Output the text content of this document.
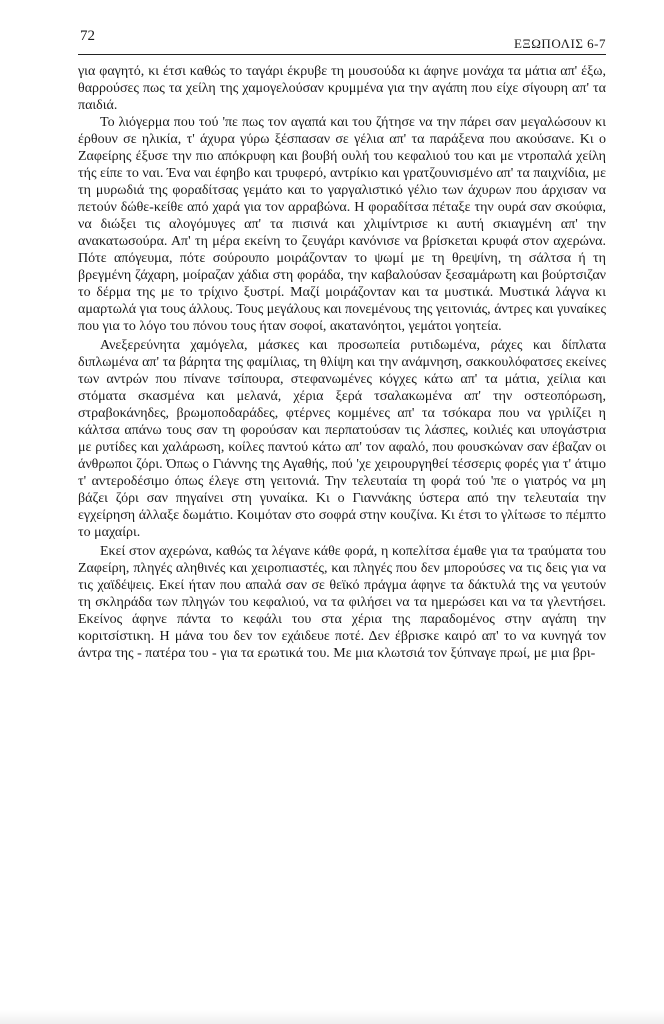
72	ΕΞΩΠΟΛΙΣ 6-7

για φαγητό, κι έτσι καθώς το ταγάρι έκρυβε τη μουσούδα κι άφηνε μονάχα τα μάτια απ' έξω, θαρρούσες πως τα χείλη της χαμογελούσαν κρυμμένα για την αγάπη που είχε σίγουρη απ' τα παιδιά.

Το λιόγερμα που τού 'πε πως τον αγαπά και του ζήτησε να την πάρει σαν μεγαλώσουν κι έρθουν σε ηλικία, τ' άχυρα γύρω ξέσπασαν σε γέλια απ' τα παράξενα που ακούσανε. Κι ο Ζαφείρης έξυσε την πιο απόκρυφη και βουβή ουλή του κεφαλιού του και με ντροπαλά χείλη τής είπε το ναι. Ένα ναι έφηβο και τρυφερό, αντρίκιο και γρατζουνισμένο απ' τα παιχνίδια, με τη μυρωδιά της φοραδίτσας γεμάτο και το γαργαλιστικό γέλιο των άχυρων που άρχισαν να πετούν δώθε-κείθε από χαρά για τον αρραβώνα. Η φοραδίτσα πέταξε την ουρά σαν σκούφια, να διώξει τις αλογόμυγες απ' τα πισινά και χλιμίντρισε κι αυτή σκιαγμένη απ' την ανακατωσούρα. Απ' τη μέρα εκείνη το ζευγάρι κανόνισε να βρίσκεται κρυφά στον αχερώνα. Πότε απόγευμα, πότε σούρουπο μοιράζονταν το ψωμί με τη θρεψίνη, τη σάλτσα ή τη βρεγμένη ζάχαρη, μοίραζαν χάδια στη φοράδα, την καβαλούσαν ξεσαμάρωτη και βούρτσιζαν το δέρμα της με το τρίχινο ξυστρί. Μαζί μοιράζονταν και τα μυστικά. Μυστικά λάγνα κι αμαρτωλά για τους άλλους. Τους μεγάλους και πονεμένους της γειτονιάς, άντρες και γυναίκες που για το λόγο του πόνου τους ήταν σοφοί, ακατανόητοι, γεμάτοι γοητεία.

Ανεξερεύνητα χαμόγελα, μάσκες και προσωπεία ρυτιδωμένα, ράχες και δίπλατα διπλωμένα απ' τα βάρητα της φαμίλιας, τη θλίψη και την ανάμνηση, σακκουλόφατσες εκείνες των αντρών που πίνανε τσίπουρα, στεφανωμένες κόγχες κάτω απ' τα μάτια, χείλια και στόματα σκασμένα και μελανά, χέρια ξερά τσαλακωμένα απ' την οστεοπόρωση, στραβοκάνηδες, βρωμοποδαράδες, φτέρνες κομμένες απ' τα τσόκαρα που να γριλίζει η κάλτσα απάνω τους σαν τη φορούσαν και περπατούσαν τις λάσπες, κοιλιές και υπογάστρια με ρυτίδες και χαλάρωση, κοίλες παντού κάτω απ' τον αφαλό, που φουσκώναν σαν έβαζαν οι άνθρωποι ζόρι. Όπως ο Γιάννης της Αγαθής, πού 'χε χειρουργηθεί τέσσερις φορές για τ' άτιμο τ' αντεροδέσιμο όπως έλεγε στη γειτονιά. Την τελευταία τη φορά τού 'πε ο γιατρός να μη βάζει ζόρι σαν πηγαίνει στη γυναίκα. Κι ο Γιαννάκης ύστερα από την τελευταία την εγχείρηση άλλαξε δωμάτιο. Κοιμόταν στο σοφρά στην κουζίνα. Κι έτσι το γλίτωσε το πέμπτο το μαχαίρι.

Εκεί στον αχερώνα, καθώς τα λέγανε κάθε φορά, η κοπελίτσα έμαθε για τα τραύματα του Ζαφείρη, πληγές αληθινές και χειροπιαστές, και πληγές που δεν μπορούσες να τις δεις για να τις χαϊδέψεις. Εκεί ήταν που απαλά σαν σε θεϊκό πράγμα άφηνε τα δάκτυλά της να γευτούν τη σκληράδα των πληγών του κεφαλιού, να τα φιλήσει να τα ημερώσει και να τα γλεντήσει. Εκείνος άφηνε πάντα το κεφάλι του στα χέρια της παραδομένος στην αγάπη την κοριτσίστικη. Η μάνα του δεν τον εχάιδευε ποτέ. Δεν έβρισκε καιρό απ' το να κυνηγά τον άντρα της - πατέρα του - για τα ερωτικά του. Με μια κλωτσιά τον ξύπναγε πρωί, με μια βρι-
